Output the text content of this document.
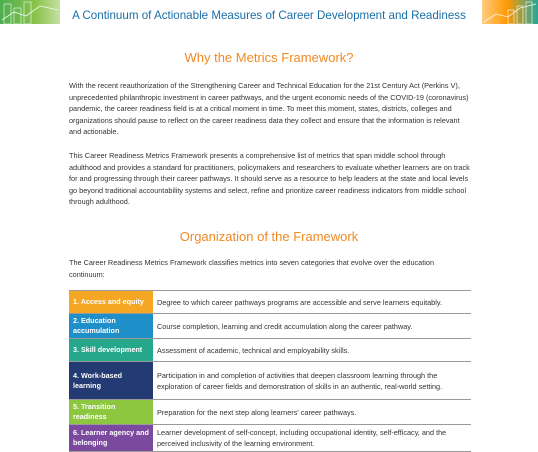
A Continuum of Actionable Measures of Career Development and Readiness
Why the Metrics Framework?

With the recent reauthorization of the Strengthening Career and Technical Education for the 21st Century Act (Perkins V), unprecedented philanthropic investment in career pathways, and the urgent economic needs of the COVID-19 (coronavirus) pandemic, the career readiness field is at a critical moment in time. To meet this moment, states, districts, colleges and organizations should pause to reflect on the career readiness data they collect and ensure that the information is relevant and actionable.

This Career Readiness Metrics Framework presents a comprehensive list of metrics that span middle school through adulthood and provides a standard for practitioners, policymakers and researchers to evaluate whether learners are on track for and progressing through their career pathways. It should serve as a resource to help leaders at the state and local levels go beyond traditional accountability systems and select, refine and prioritize career readiness indicators from middle school through adulthood.

Organization of the Framework

The Career Readiness Metrics Framework classifies metrics into seven categories that evolve over the education continuum:

1. Access and equity	Degree to which career pathways programs are accessible and serve learners equitably.
2. Education accumulation	Course completion, learning and credit accumulation along the career pathway.
3. Skill development	Assessment of academic, technical and employability skills.
4. Work-based learning	Participation in and completion of activities that deepen classroom learning through the exploration of career fields and demonstration of skills in an authentic, real-world setting.
5. Transition readiness	Preparation for the next step along learners' career pathways.
6. Learner agency and belonging	Learner development of self-concept, including occupational identity, self-efficacy, and the perceived inclusivity of the learning environment.
